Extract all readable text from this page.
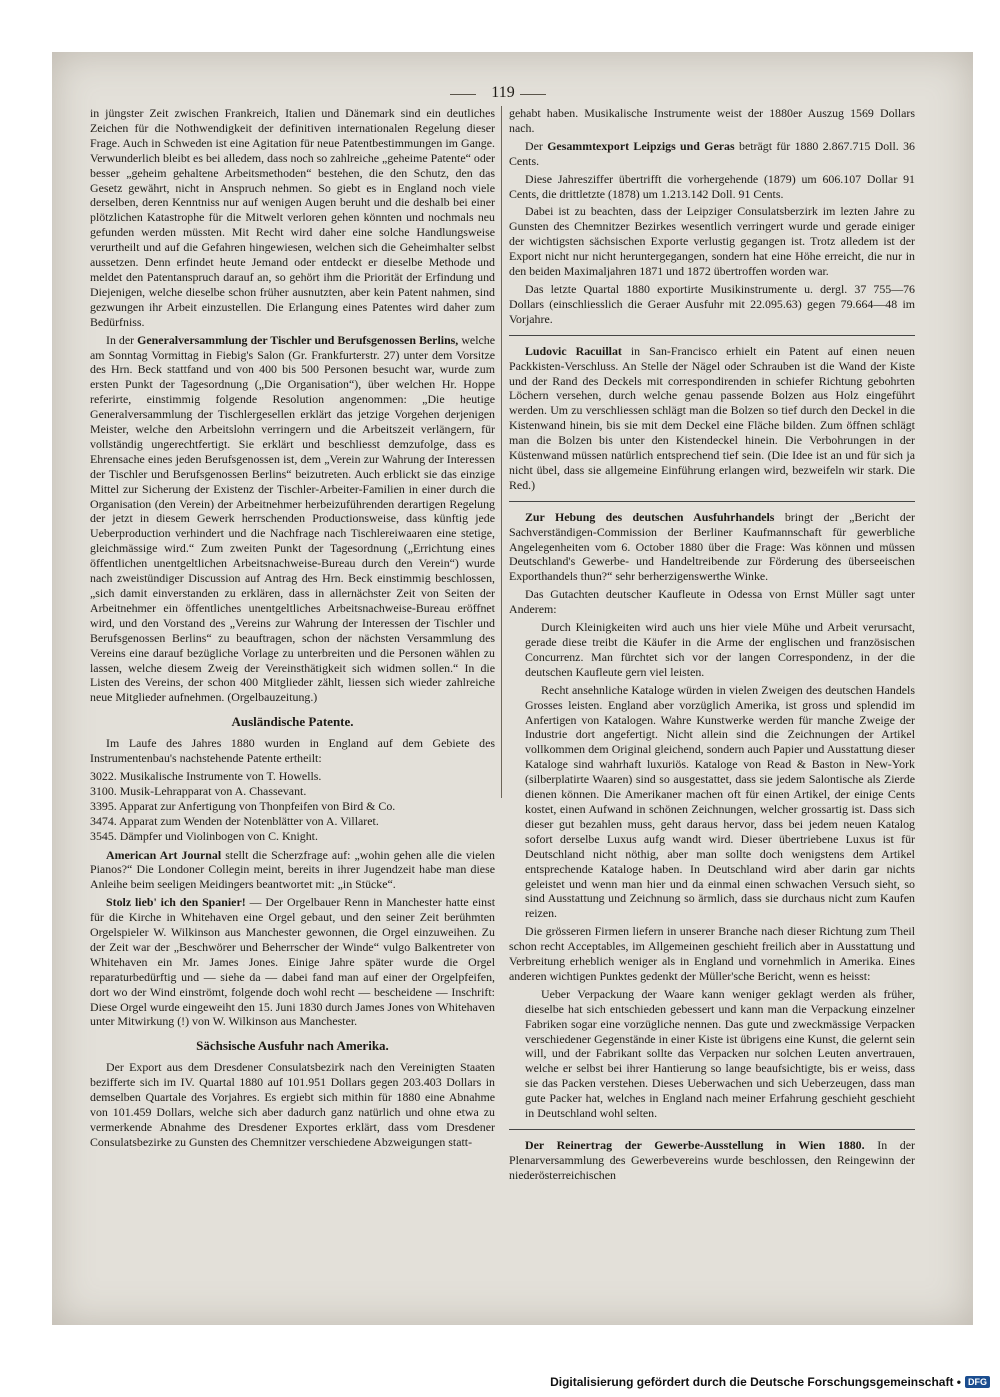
119

in jüngster Zeit zwischen Frankreich, Italien und Dänemark sind ein deutliches Zeichen für die Nothwendigkeit der definitiven internationalen Regelung dieser Frage. Auch in Schweden ist eine Agitation für neue Patentbestimmungen im Gange. Verwunderlich bleibt es bei alledem, dass noch so zahlreiche „geheime Patente“ oder besser „geheim gehaltene Arbeitsmethoden“ bestehen, die den Schutz, den das Gesetz gewährt, nicht in Anspruch nehmen. So giebt es in England noch viele derselben, deren Kenntniss nur auf wenigen Augen beruht und die deshalb bei einer plötzlichen Katastrophe für die Mitwelt verloren gehen könnten und nochmals neu gefunden werden müssten. Mit Recht wird daher eine solche Handlungsweise verurtheilt und auf die Gefahren hingewiesen, welchen sich die Geheimhalter selbst aussetzen. Denn erfindet heute Jemand oder entdeckt er dieselbe Methode und meldet den Patentanspruch darauf an, so gehört ihm die Priorität der Erfindung und Diejenigen, welche dieselbe schon früher ausnutzten, aber kein Patent nahmen, sind gezwungen ihr Arbeit einzustellen. Die Erlangung eines Patentes wird daher zum Bedürfniss.

In der Generalversammlung der Tischler und Berufsgenossen Berlins, welche am Sonntag Vormittag in Fiebig's Salon (Gr. Frankfurterstr. 27) unter dem Vorsitze des Hrn. Beck stattfand und von 400 bis 500 Personen besucht war, wurde zum ersten Punkt der Tagesordnung („Die Organisation“), über welchen Hr. Hoppe referirte, einstimmig folgende Resolution angenommen: „Die heutige Generalversammlung der Tischlergesellen erklärt das jetzige Vorgehen derjenigen Meister, welche den Arbeitslohn verringern und die Arbeitszeit verlängern, für vollständig ungerechtfertigt. Sie erklärt und beschliesst demzufolge, dass es Ehrensache eines jeden Berufsgenossen ist, dem „Verein zur Wahrung der Interessen der Tischler und Berufsgenossen Berlins“ beizutreten. Auch erblickt sie das einzige Mittel zur Sicherung der Existenz der Tischler-Arbeiter-Familien in einer durch die Organisation (den Verein) der Arbeitnehmer herbeizuführenden derartigen Regelung der jetzt in diesem Gewerk herrschenden Productionsweise, dass künftig jede Ueberproduction verhindert und die Nachfrage nach Tischlereiwaaren eine stetige, gleichmässige wird.“ Zum zweiten Punkt der Tagesordnung („Errichtung eines öffentlichen unentgeltlichen Arbeitsnachweise-Bureau durch den Verein“) wurde nach zweistündiger Discussion auf Antrag des Hrn. Beck einstimmig beschlossen, „sich damit einverstanden zu erklären, dass in allernächster Zeit von Seiten der Arbeitnehmer ein öffentliches unentgeltliches Arbeitsnachweise-Bureau eröffnet wird, und den Vorstand des „Vereins zur Wahrung der Interessen der Tischler und Berufsgenossen Berlins“ zu beauftragen, schon der nächsten Versammlung des Vereins eine darauf bezügliche Vorlage zu unterbreiten und die Personen wählen zu lassen, welche diesem Zweig der Vereinsthätigkeit sich widmen sollen.“ In die Listen des Vereins, der schon 400 Mitglieder zählt, liessen sich wieder zahlreiche neue Mitglieder aufnehmen. (Orgelbauzeitung.)

Ausländische Patente.

Im Laufe des Jahres 1880 wurden in England auf dem Gebiete des Instrumentenbau's nachstehende Patente ertheilt:

3022. Musikalische Instrumente von T. Howells.
3100. Musik-Lehrapparat von A. Chassevant.
3395. Apparat zur Anfertigung von Thonpfeifen von Bird & Co.
3474. Apparat zum Wenden der Notenblätter von A. Villaret.
3545. Dämpfer und Violinbogen von C. Knight.

American Art Journal stellt die Scherzfrage auf: „wohin gehen alle die vielen Pianos?“ Die Londoner Collegin meint, bereits in ihrer Jugendzeit habe man diese Anleihe beim seeligen Meidingers beantwortet mit: „in Stücke“.

Stolz lieb' ich den Spanier! — Der Orgelbauer Renn in Manchester hatte einst für die Kirche in Whitehaven eine Orgel gebaut, und den seiner Zeit berühmten Orgelspieler W. Wilkinson aus Manchester gewonnen, die Orgel einzuweihen. Zu der Zeit war der „Beschwörer und Beherrscher der Winde“ vulgo Balkentreter von Whitehaven ein Mr. James Jones. Einige Jahre später wurde die Orgel reparaturbedürftig und — siehe da — dabei fand man auf einer der Orgelpfeifen, dort wo der Wind einströmt, folgende doch wohl recht — bescheidene — Inschrift: Diese Orgel wurde eingeweiht den 15. Juni 1830 durch James Jones von Whitehaven unter Mitwirkung (!) von W. Wilkinson aus Manchester.

Sächsische Ausfuhr nach Amerika.

Der Export aus dem Dresdener Consulatsbezirk nach den Vereinigten Staaten bezifferte sich im IV. Quartal 1880 auf 101.951 Dollars gegen 203.403 Dollars in demselben Quartale des Vorjahres. Es ergiebt sich mithin für 1880 eine Abnahme von 101.459 Dollars, welche sich aber dadurch ganz natürlich und ohne etwa zu vermerkende Abnahme des Dresdener Exportes erklärt, dass vom Dresdener Consulatsbezirke zu Gunsten des Chemnitzer verschiedene Abzweigungen statt-

gehabt haben. Musikalische Instrumente weist der 1880er Auszug 1569 Dollars nach.

Der Gesammtexport Leipzigs und Geras beträgt für 1880 2.867.715 Doll. 36 Cents.

Diese Jahresziffer übertrifft die vorhergehende (1879) um 606.107 Dollar 91 Cents, die drittletzte (1878) um 1.213.142 Doll. 91 Cents.

Dabei ist zu beachten, dass der Leipziger Consulatsberzirk im lezten Jahre zu Gunsten des Chemnitzer Bezirkes wesentlich verringert wurde und gerade einiger der wichtigsten sächsischen Exporte verlustig gegangen ist. Trotz alledem ist der Export nicht nur nicht heruntergegangen, sondern hat eine Höhe erreicht, die nur in den beiden Maximaljahren 1871 und 1872 übertroffen worden war.

Das letzte Quartal 1880 exportirte Musikinstrumente u. dergl. 37 755—76 Dollars (einschliesslich die Geraer Ausfuhr mit 22.095.63) gegen 79.664—48 im Vorjahre.

Ludovic Racuillat in San-Francisco erhielt ein Patent auf einen neuen Packkisten-Verschluss. An Stelle der Nägel oder Schrauben ist die Wand der Kiste und der Rand des Deckels mit correspondirenden in schiefer Richtung gebohrten Löchern versehen, durch welche genau passende Bolzen aus Holz eingeführt werden. Um zu verschliessen schlägt man die Bolzen so tief durch den Deckel in die Kistenwand hinein, bis sie mit dem Deckel eine Fläche bilden. Zum öffnen schlägt man die Bolzen bis unter den Kistendeckel hinein. Die Verbohrungen in der Küstenwand müssen natürlich entsprechend tief sein. (Die Idee ist an und für sich ja nicht übel, dass sie allgemeine Einführung erlangen wird, bezweifeln wir stark. Die Red.)

Zur Hebung des deutschen Ausfuhrhandels bringt der „Bericht der Sachverständigen-Commission der Berliner Kaufmannschaft für gewerbliche Angelegenheiten vom 6. October 1880 über die Frage: Was können und müssen Deutschland's Gewerbe- und Handeltreibende zur Förderung des überseeischen Exporthandels thun?“ sehr berherzigenswerthe Winke.

Das Gutachten deutscher Kaufleute in Odessa von Ernst Müller sagt unter Anderem:

Durch Kleinigkeiten wird auch uns hier viele Mühe und Arbeit verursacht, gerade diese treibt die Käufer in die Arme der englischen und französischen Concurrenz. Man fürchtet sich vor der langen Correspondenz, in der die deutschen Kaufleute gern viel leisten.

Recht ansehnliche Kataloge würden in vielen Zweigen des deutschen Handels Grosses leisten. England aber vorzüglich Amerika, ist gross und splendid im Anfertigen von Katalogen. Wahre Kunstwerke werden für manche Zweige der Industrie dort angefertigt. Nicht allein sind die Zeichnungen der Artikel vollkommen dem Original gleichend, sondern auch Papier und Ausstattung dieser Kataloge sind wahrhaft luxuriös. Kataloge von Read & Baston in New-York (silberplatirte Waaren) sind so ausgestattet, dass sie jedem Salontische als Zierde dienen können. Die Amerikaner machen oft für einen Artikel, der einige Cents kostet, einen Aufwand in schönen Zeichnungen, welcher grossartig ist. Dass sich dieser gut bezahlen muss, geht daraus hervor, dass bei jedem neuen Katalog sofort derselbe Luxus aufg wandt wird. Dieser übertriebene Luxus ist für Deutschland nicht nöthig, aber man sollte doch wenigstens dem Artikel entsprechende Kataloge haben. In Deutschland wird aber darin gar nichts geleistet und wenn man hier und da einmal einen schwachen Versuch sieht, so sind Ausstattung und Zeichnung so ärmlich, dass sie durchaus nicht zum Kaufen reizen.

Die grösseren Firmen liefern in unserer Branche nach dieser Richtung zum Theil schon recht Acceptables, im Allgemeinen geschieht freilich aber in Ausstattung und Verbreitung erheblich weniger als in England und vornehmlich in Amerika. Eines anderen wichtigen Punktes gedenkt der Müller'sche Bericht, wenn es heisst:

Ueber Verpackung der Waare kann weniger geklagt werden als früher, dieselbe hat sich entschieden gebessert und kann man die Verpackung einzelner Fabriken sogar eine vorzügliche nennen. Das gute und zweckmässige Verpacken verschiedener Gegenstände in einer Kiste ist übrigens eine Kunst, die gelernt sein will, und der Fabrikant sollte das Verpacken nur solchen Leuten anvertrauen, welche er selbst bei ihrer Hantierung so lange beaufsichtigte, bis er weiss, dass sie das Packen verstehen. Dieses Ueberwachen und sich Ueberzeugen, dass man gute Packer hat, welches in England nach meiner Erfahrung geschieht geschieht in Deutschland wohl selten.

Der Reinertrag der Gewerbe-Ausstellung in Wien 1880. In der Plenarversammlung des Gewerbevereins wurde beschlossen, den Reingewinn der niederösterreichischen

Digitalisierung gefördert durch die Deutsche Forschungsgemeinschaft • DFG
